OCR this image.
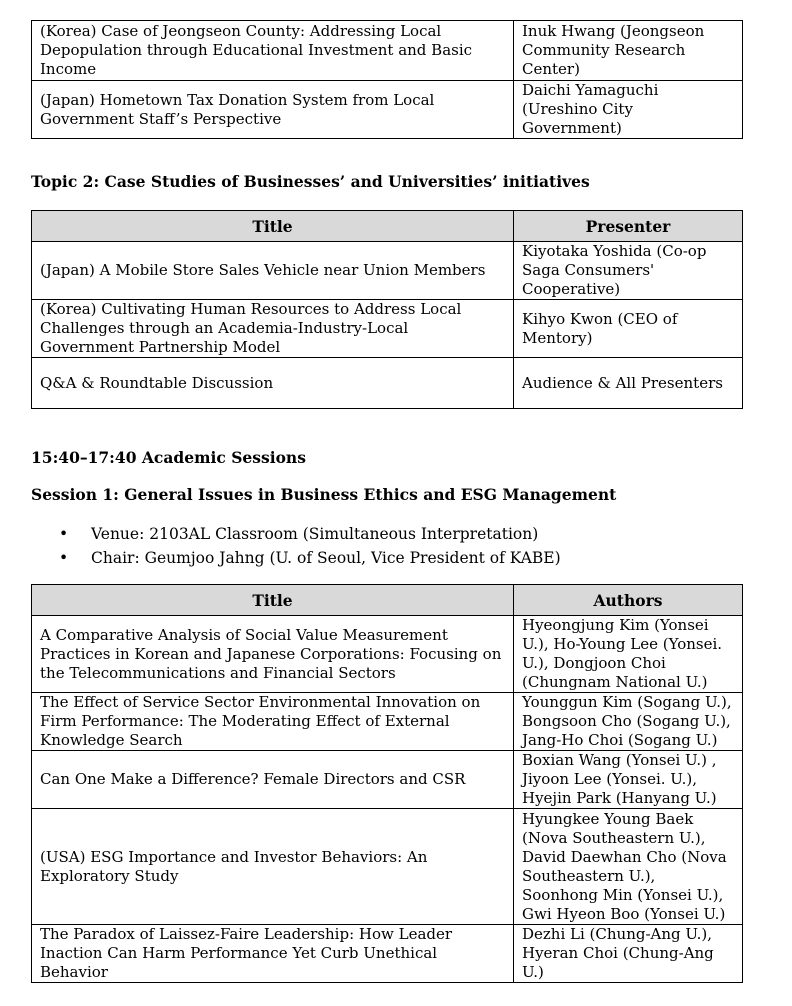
(Korea) Case of Jeongseon County: Addressing Local Depopulation through Educational Investment and Basic Income	Inuk Hwang (Jeongseon Community Research Center)
(Japan) Hometown Tax Donation System from Local Government Staff’s Perspective	Daichi Yamaguchi (Ureshino City Government)
Topic 2: Case Studies of Businesses’ and Universities’ initiatives
Title	Presenter
(Japan) A Mobile Store Sales Vehicle near Union Members	Kiyotaka Yoshida (Co-op Saga Consumers' Cooperative)
(Korea) Cultivating Human Resources to Address Local Challenges through an Academia-Industry-Local Government Partnership Model	Kihyo Kwon (CEO of Mentory)
Q&A & Roundtable Discussion	Audience & All Presenters
15:40–17:40 Academic Sessions
Session 1: General Issues in Business Ethics and ESG Management
• Venue: 2103AL Classroom (Simultaneous Interpretation)
• Chair: Geumjoo Jahng (U. of Seoul, Vice President of KABE)
Title	Authors
A Comparative Analysis of Social Value Measurement Practices in Korean and Japanese Corporations: Focusing on the Telecommunications and Financial Sectors	Hyeongjung Kim (Yonsei U.), Ho-Young Lee (Yonsei. U.), Dongjoon Choi (Chungnam National U.)
The Effect of Service Sector Environmental Innovation on Firm Performance: The Moderating Effect of External Knowledge Search	Younggun Kim (Sogang U.), Bongsoon Cho (Sogang U.), Jang-Ho Choi (Sogang U.)
Can One Make a Difference? Female Directors and CSR	Boxian Wang (Yonsei U.) , Jiyoon Lee (Yonsei. U.), Hyejin Park (Hanyang U.)
(USA) ESG Importance and Investor Behaviors: An Exploratory Study	Hyungkee Young Baek (Nova Southeastern U.), David Daewhan Cho (Nova Southeastern U.), Soonhong Min (Yonsei U.), Gwi Hyeon Boo (Yonsei U.)
The Paradox of Laissez-Faire Leadership: How Leader Inaction Can Harm Performance Yet Curb Unethical Behavior	Dezhi Li (Chung-Ang U.), Hyeran Choi (Chung-Ang U.)
